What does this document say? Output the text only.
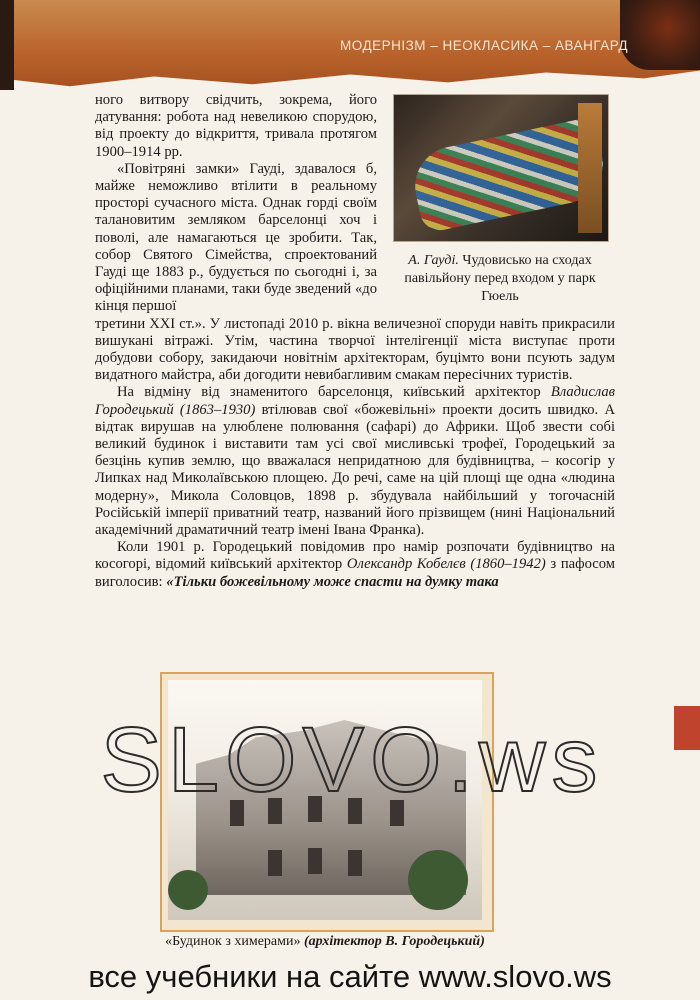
МОДЕРНІЗМ – НЕОКЛАСИКА – АВАНГАРД
А. Гауді. Чудовисько на сходах павільйону перед входом у парк Гюель

ного витвору свідчить, зокрема, його датування: робота над невеликою спорудою, від проекту до відкриття, тривала протягом 1900–1914 рр.

«Повітряні замки» Гауді, здавалося б, майже неможливо втілити в реальному просторі сучасного міста. Однак горді своїм талановитим земляком барселонці хоч і поволі, але намагаються це зробити. Так, собор Святого Сімейства, спроектований Гауді ще 1883 р., будується по сьогодні і, за офіційними планами, таки буде зведений «до кінця першої

третини XXI ст.». У листопаді 2010 р. вікна величезної споруди навіть прикрасили вишукані вітражі. Утім, частина творчої інтелігенції міста виступає проти добудови собору, закидаючи новітнім архітекторам, буцімто вони псують задум видатного майстра, аби догодити невибагливим смакам пересічних туристів.

На відміну від знаменитого барселонця, київський архітектор Владислав Городецький (1863–1930) втілював свої «божевільні» проекти досить швидко. А відтак вирушав на улюблене полювання (сафарі) до Африки. Щоб звести собі великий будинок і виставити там усі свої мисливські трофеї, Городецький за безцінь купив землю, що вважалася непридатною для будівництва, – косогір у Липках над Миколаївською площею. До речі, саме на цій площі ще одна «людина модерну», Микола Соловцов, 1898 р. збудувала найбільший у тогочасній Російській імперії приватний театр, названий його прізвищем (нині Національний академічний драматичний театр імені Івана Франка).

Коли 1901 р. Городецький повідомив про намір розпочати будівництво на косогорі, відомий київський архітектор Олександр Кобелєв (1860–1942) з пафосом виголосив: «Тільки божевільному може спасти на думку така

«Будинок з химерами» (архітектор В. Городецький)
SLOVO.ws
все учебники на сайте www.slovo.ws
